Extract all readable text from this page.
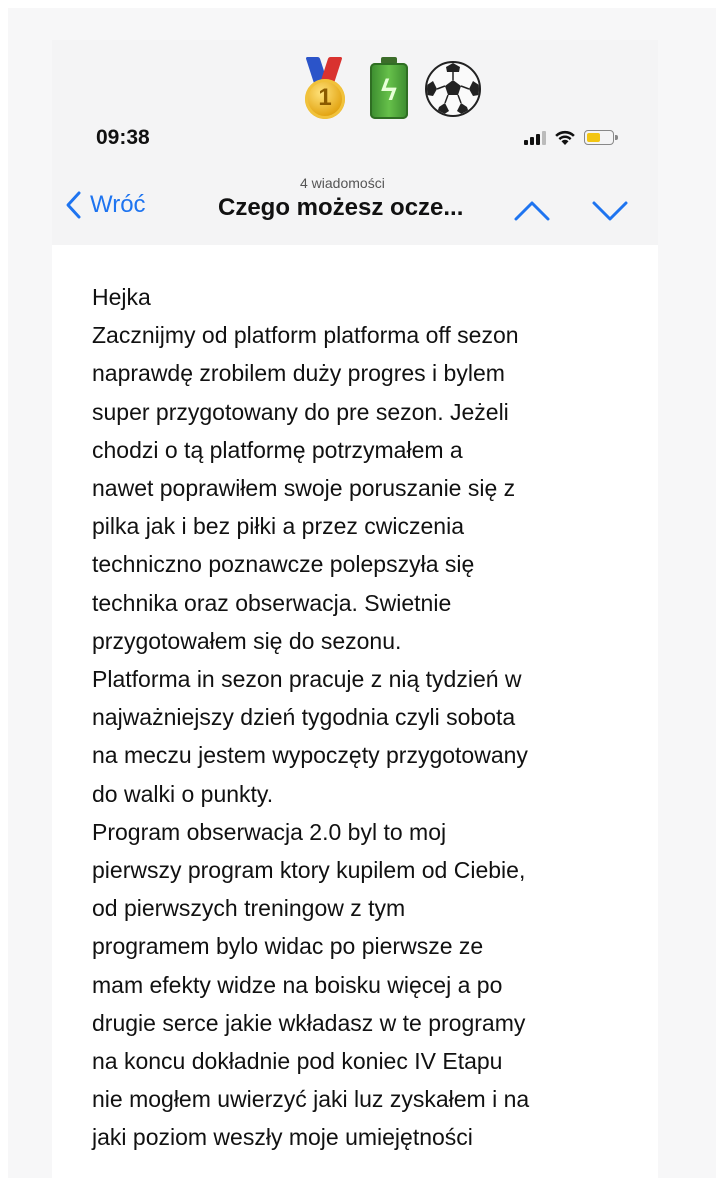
1	ϟ
09:38
4 wiadomości
Wróć	Czego możesz ocze...
Hejka
Zacznijmy od platform platforma off sezon
naprawdę zrobilem duży progres i bylem
super przygotowany do pre sezon. Jeżeli
chodzi o tą platformę potrzymałem a
nawet poprawiłem swoje poruszanie się z
pilka jak i bez piłki a przez cwiczenia
techniczno poznawcze polepszyła się
technika oraz obserwacja. Swietnie
przygotowałem się do sezonu.
Platforma in sezon pracuje z nią tydzień w
najważniejszy dzień tygodnia czyli sobota
na meczu jestem wypoczęty przygotowany
do walki o punkty.
Program obserwacja 2.0 byl to moj
pierwszy program ktory kupilem od Ciebie,
od pierwszych treningow z tym
programem bylo widac po pierwsze ze
mam efekty widze na boisku więcej a po
drugie serce jakie wkładasz w te programy
na koncu dokładnie pod koniec IV Etapu
nie mogłem uwierzyć jaki luz zyskałem i na
jaki poziom weszły moje umiejętności
